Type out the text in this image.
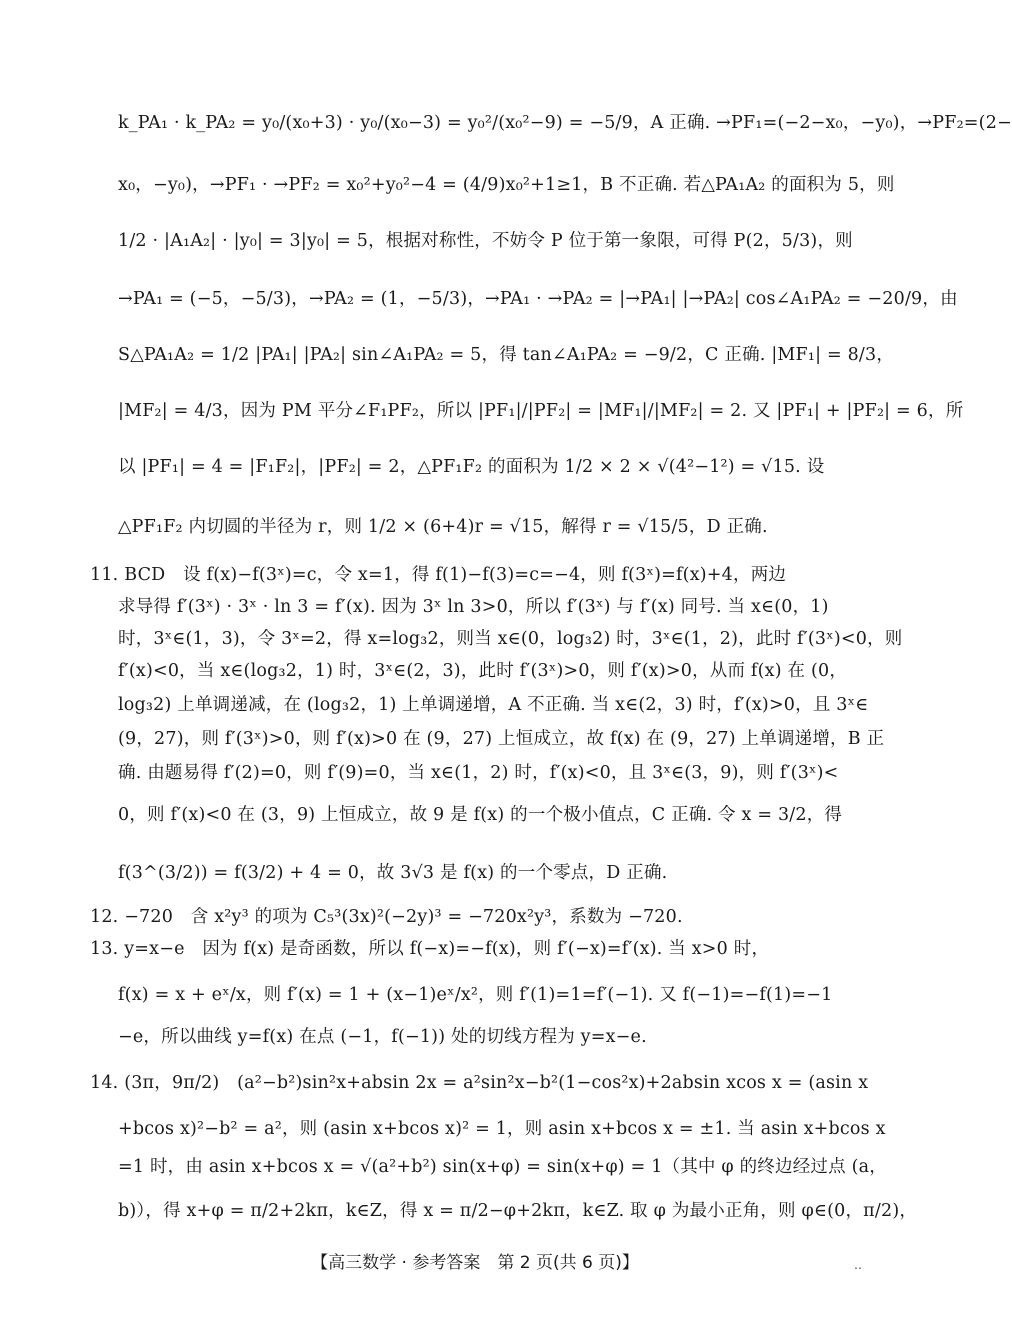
k_PA₁ · k_PA₂ = y₀/(x₀+3) · y₀/(x₀−3) = y₀²/(x₀²−9) = −5/9，A 正确. →PF₁=(−2−x₀，−y₀)，→PF₂=(2−
x₀，−y₀)，→PF₁ · →PF₂ = x₀²+y₀²−4 = (4/9)x₀²+1≥1，B 不正确. 若△PA₁A₂ 的面积为 5，则
1/2 · |A₁A₂| · |y₀| = 3|y₀| = 5，根据对称性，不妨令 P 位于第一象限，可得 P(2，5/3)，则
→PA₁ = (−5，−5/3)，→PA₂ = (1，−5/3)，→PA₁ · →PA₂ = |→PA₁| |→PA₂| cos∠A₁PA₂ = −20/9，由
S△PA₁A₂ = 1/2 |PA₁| |PA₂| sin∠A₁PA₂ = 5，得 tan∠A₁PA₂ = −9/2，C 正确. |MF₁| = 8/3，
|MF₂| = 4/3，因为 PM 平分∠F₁PF₂，所以 |PF₁|/|PF₂| = |MF₁|/|MF₂| = 2. 又 |PF₁| + |PF₂| = 6，所
以 |PF₁| = 4 = |F₁F₂|，|PF₂| = 2，△PF₁F₂ 的面积为 1/2 × 2 × √(4²−1²) = √15. 设
△PF₁F₂ 内切圆的半径为 r，则 1/2 × (6+4)r = √15，解得 r = √15/5，D 正确.
11. BCD　设 f(x)−f(3ˣ)=c，令 x=1，得 f(1)−f(3)=c=−4，则 f(3ˣ)=f(x)+4，两边
求导得 f′(3ˣ) · 3ˣ · ln 3 = f′(x). 因为 3ˣ ln 3>0，所以 f′(3ˣ) 与 f′(x) 同号. 当 x∈(0，1)
时，3ˣ∈(1，3)，令 3ˣ=2，得 x=log₃2，则当 x∈(0，log₃2) 时，3ˣ∈(1，2)，此时 f′(3ˣ)<0，则
f′(x)<0，当 x∈(log₃2，1) 时，3ˣ∈(2，3)，此时 f′(3ˣ)>0，则 f′(x)>0，从而 f(x) 在 (0，
log₃2) 上单调递减，在 (log₃2，1) 上单调递增，A 不正确. 当 x∈(2，3) 时，f′(x)>0，且 3ˣ∈
(9，27)，则 f′(3ˣ)>0，则 f′(x)>0 在 (9，27) 上恒成立，故 f(x) 在 (9，27) 上单调递增，B 正
确. 由题易得 f′(2)=0，则 f′(9)=0，当 x∈(1，2) 时，f′(x)<0，且 3ˣ∈(3，9)，则 f′(3ˣ)<
0，则 f′(x)<0 在 (3，9) 上恒成立，故 9 是 f(x) 的一个极小值点，C 正确. 令 x = 3/2，得
f(3^(3/2)) = f(3/2) + 4 = 0，故 3√3 是 f(x) 的一个零点，D 正确.
12. −720　含 x²y³ 的项为 C₅³(3x)²(−2y)³ = −720x²y³，系数为 −720.
13. y=x−e　因为 f(x) 是奇函数，所以 f(−x)=−f(x)，则 f′(−x)=f′(x). 当 x>0 时，
f(x) = x + eˣ/x，则 f′(x) = 1 + (x−1)eˣ/x²，则 f′(1)=1=f′(−1). 又 f(−1)=−f(1)=−1
−e，所以曲线 y=f(x) 在点 (−1，f(−1)) 处的切线方程为 y=x−e.
14. (3π，9π/2)　(a²−b²)sin²x+absin 2x = a²sin²x−b²(1−cos²x)+2absin xcos x = (asin x
+bcos x)²−b² = a²，则 (asin x+bcos x)² = 1，则 asin x+bcos x = ±1. 当 asin x+bcos x
=1 时，由 asin x+bcos x = √(a²+b²) sin(x+φ) = sin(x+φ) = 1（其中 φ 的终边经过点 (a，
b)），得 x+φ = π/2+2kπ，k∈Z，得 x = π/2−φ+2kπ，k∈Z. 取 φ 为最小正角，则 φ∈(0，π/2)，
【高三数学 · 参考答案　第 2 页(共 6 页)】	‥
